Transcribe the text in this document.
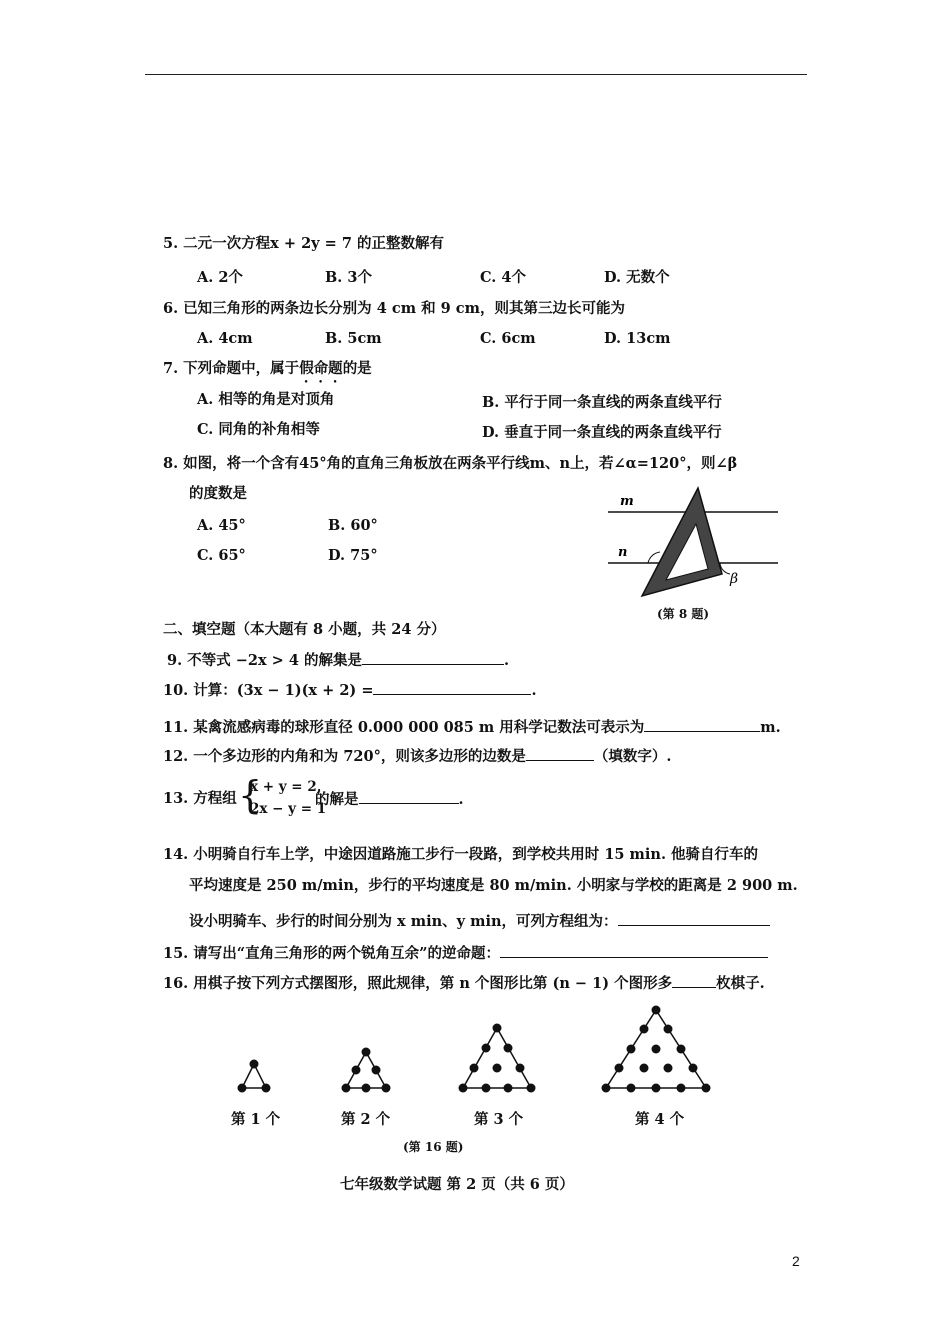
5. 二元一次方程x + 2y = 7 的正整数解有
A. 2个	B. 3个	C. 4个	D. 无数个
6. 已知三角形的两条边长分别为 4 cm 和 9 cm，则其第三边长可能为
A. 4cm	B. 5cm	C. 6cm	D. 13cm
7. 下列命题中，属于假命题的是
A. 相等的角是对顶角	B. 平行于同一条直线的两条直线平行
C. 同角的补角相等	D. 垂直于同一条直线的两条直线平行
8. 如图，将一个含有45°角的直角三角板放在两条平行线m、n上，若∠α=120°，则∠β
的度数是
A. 45°	B. 60°
C. 65°	D. 75°
m
n
β
(第 8 题)
二、填空题（本大题有 8 小题，共 24 分）
9. 不等式 −2x > 4 的解集是	.
10. 计算：(3x − 1)(x + 2) =	.
11. 某禽流感病毒的球形直径 0.000 000 085 m 用科学记数法可表示为	m.
12. 一个多边形的内角和为 720°，则该多边形的边数是	（填数字）.
13. 方程组 {
x + y = 2,
2x − y = 1
的解是	.
14. 小明骑自行车上学，中途因道路施工步行一段路，到学校共用时 15 min. 他骑自行车的
平均速度是 250 m/min，步行的平均速度是 80 m/min. 小明家与学校的距离是 2 900 m.
设小明骑车、步行的时间分别为 x min、y min，可列方程组为：
15. 请写出“直角三角形的两个锐角互余”的逆命题：
16. 用棋子按下列方式摆图形，照此规律，第 n 个图形比第 (n − 1) 个图形多	枚棋子.
第 1 个	第 2 个	第 3 个	第 4 个
(第 16 题)
七年级数学试题 第 2 页（共 6 页）
2
